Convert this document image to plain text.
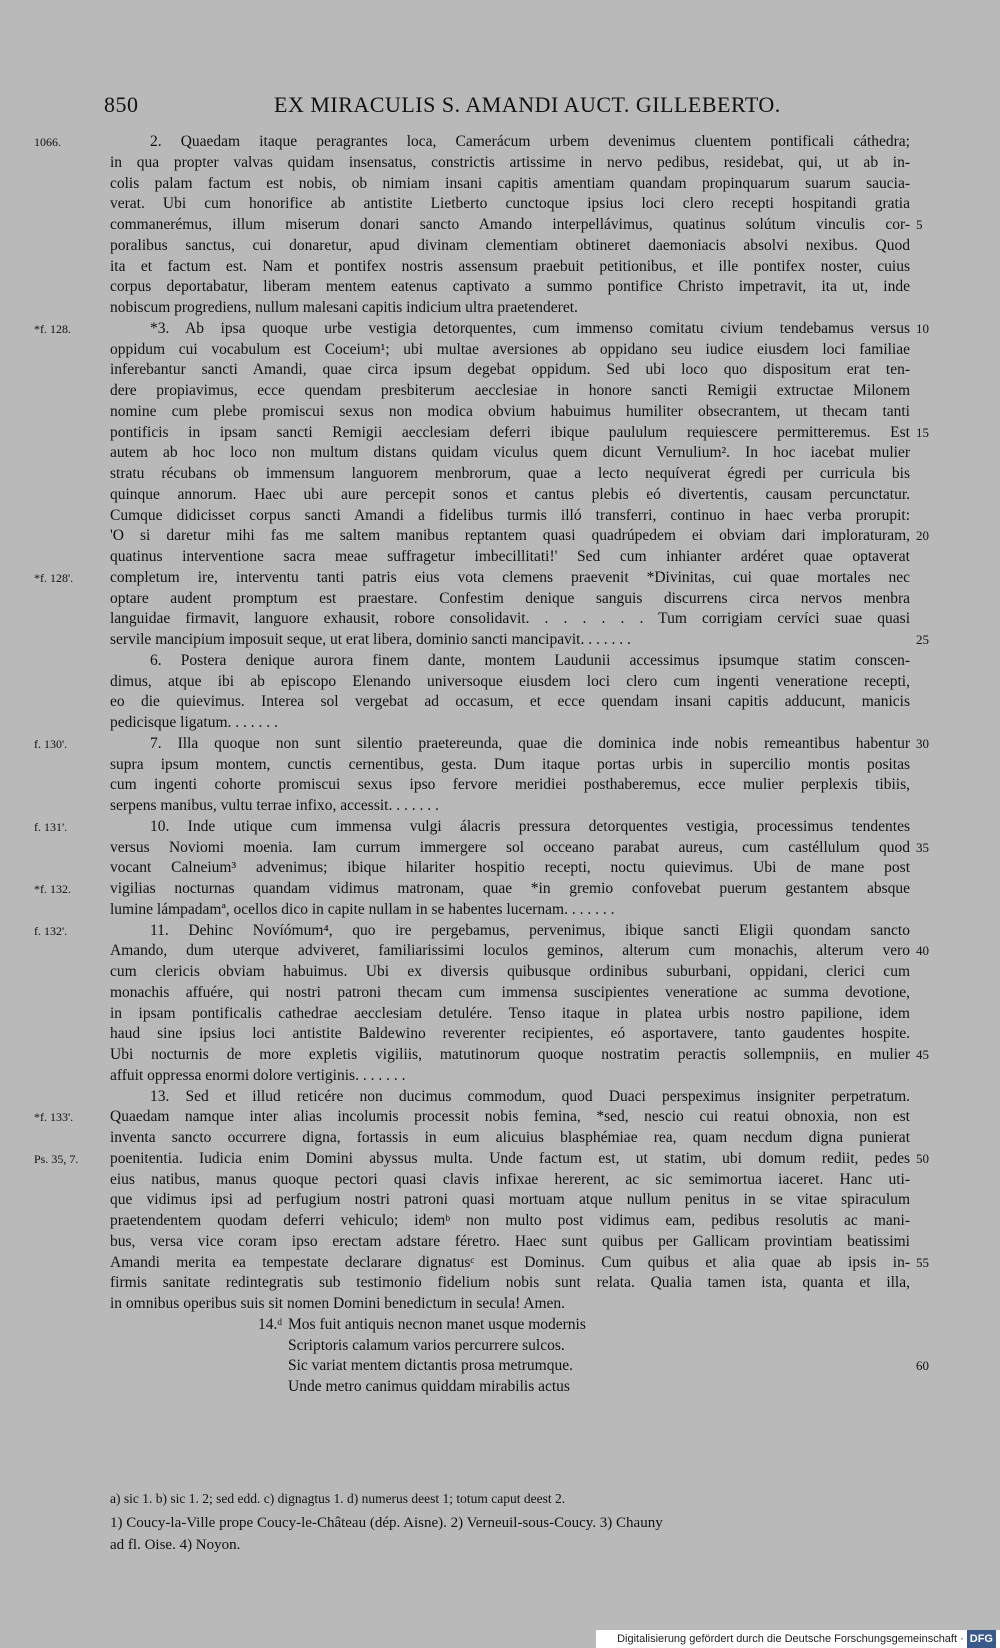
850	EX MIRACULIS S. AMANDI AUCT. GILLEBERTO.
1066.	2. Quaedam itaque peragrantes loca, Camerácum urbem devenimus cluentem pontificali cáthedra;
in qua propter valvas quidam insensatus, constrictis artissime in nervo pedibus, residebat, qui, ut ab in-
colis palam factum est nobis, ob nimiam insani capitis amentiam quandam propinquarum suarum saucia-
verat. Ubi cum honorifice ab antistite Lietberto cunctoque ipsius loci clero recepti hospitandi gratia
commanerémus, illum miserum donari sancto Amando interpellávimus, quatinus solútum vinculis cor- 5
poralibus sanctus, cui donaretur, apud divinam clementiam obtineret daemoniacis absolvi nexibus. Quod
ita et factum est. Nam et pontifex nostris assensum praebuit petitionibus, et ille pontifex noster, cuius
corpus deportabatur, liberam mentem eatenus captivato a summo pontifice Christo impetravit, ita ut, inde
nobiscum progrediens, nullum malesani capitis indicium ultra praetenderet.
*f. 128.	*3. Ab ipsa quoque urbe vestigia detorquentes, cum immenso comitatu civium tendebamus versus 10
oppidum cui vocabulum est Coceium¹; ubi multae aversiones ab oppidano seu iudice eiusdem loci familiae
inferebantur sancti Amandi, quae circa ipsum degebat oppidum. Sed ubi loco quo dispositum erat ten-
dere propiavimus, ecce quendam presbiterum aecclesiae in honore sancti Remigii extructae Milonem
nomine cum plebe promiscui sexus non modica obvium habuimus humiliter obsecrantem, ut thecam tanti
pontificis in ipsam sancti Remigii aecclesiam deferri ibique paululum requiescere permitteremus. Est 15
autem ab hoc loco non multum distans quidam viculus quem dicunt Vernulium². In hoc iacebat mulier
stratu récubans ob immensum languorem menbrorum, quae a lecto nequíverat égredi per curricula bis
quinque annorum. Haec ubi aure percepit sonos et cantus plebis eó divertentis, causam percunctatur.
Cumque didicisset corpus sancti Amandi a fidelibus turmis illó transferri, continuo in haec verba prorupit:
'O si daretur mihi fas me saltem manibus reptantem quasi quadrúpedem ei obviam dari imploraturam, 20
quatinus interventione sacra meae suffragetur imbecillitati!' Sed cum inhianter ardéret quae optaverat
*f. 128'. completum ire, interventu tanti patris eius vota clemens praevenit *Divinitas, cui quae mortales nec
optare audent promptum est praestare. Confestim denique sanguis discurrens circa nervos menbra
languidae firmavit, languore exhausit, robore consolidavit. . . . . . . Tum corrigiam cervíci suae quasi
servile mancipium imposuit seque, ut erat libera, dominio sancti mancipavit. . . . . . .	25
6. Postera denique aurora finem dante, montem Laudunii accessimus ipsumque statim conscen-
dimus, atque ibi ab episcopo Elenando universoque eiusdem loci clero cum ingenti veneratione recepti,
eo die quievimus. Interea sol vergebat ad occasum, et ecce quendam insani capitis adducunt, manicis
pedicisque ligatum. . . . . . .
f. 130'.	7. Illa quoque non sunt silentio praetereunda, quae die dominica inde nobis remeantibus habentur 30
supra ipsum montem, cunctis cernentibus, gesta. Dum itaque portas urbis in supercilio montis positas
cum ingenti cohorte promiscui sexus ipso fervore meridiei posthaberemus, ecce mulier perplexis tibiis,
serpens manibus, vultu terrae infixo, accessit. . . . . . .
f. 131'.	10. Inde utique cum immensa vulgi álacris pressura detorquentes vestigia, processimus tendentes
versus Noviomi moenia. Iam currum immergere sol occeano parabat aureus, cum castéllulum quod 35
vocant Calneium³ advenimus; ibique hilariter hospitio recepti, noctu quievimus. Ubi de mane post
*f. 132.	vigilias nocturnas quandam vidimus matronam, quae *in gremio confovebat puerum gestantem absque
lumine lámpadamª, ocellos dico in capite nullam in se habentes lucernam. . . . . . .
f. 132'.	11. Dehinc Novíómum⁴, quo ire pergebamus, pervenimus, ibique sancti Eligii quondam sancto
Amando, dum uterque adviveret, familiarissimi loculos geminos, alterum cum monachis, alterum vero 40
cum clericis obviam habuimus. Ubi ex diversis quibusque ordinibus suburbani, oppidani, clerici cum
monachis affuére, qui nostri patroni thecam cum immensa suscipientes veneratione ac summa devotione,
in ipsam pontificalis cathedrae aecclesiam detulére. Tenso itaque in platea urbis nostro papilione, idem
haud sine ipsius loci antistite Baldewino reverenter recipientes, eó asportavere, tanto gaudentes hospite.
Ubi nocturnis de more expletis vigiliis, matutinorum quoque nostratim peractis sollempniis, en mulier 45
affuit oppressa enormi dolore vertiginis. . . . . . .
13. Sed et illud reticére non ducimus commodum, quod Duaci perspeximus insigniter perpetratum.
*f. 133'. Quaedam namque inter alias incolumis processit nobis femina, *sed, nescio cui reatui obnoxia, non est
inventa sancto occurrere digna, fortassis in eum alicuius blasphémiae rea, quam necdum digna punierat
Ps. 35, 7. poenitentia. Iudicia enim Domini abyssus multa. Unde factum est, ut statim, ubi domum rediit, pedes 50
eius natibus, manus quoque pectori quasi clavis infixae hererent, ac sic semimortua iaceret. Hanc uti-
que vidimus ipsi ad perfugium nostri patroni quasi mortuam atque nullum penitus in se vitae spiraculum
praetendentem quodam deferri vehiculo; idemᵇ non multo post vidimus eam, pedibus resolutis ac mani-
bus, versa vice coram ipso erectam adstare féretro. Haec sunt quibus per Gallicam provintiam beatissimi
Amandi merita ea tempestate declarare dignatusᶜ est Dominus. Cum quibus et alia quae ab ipsis in- 55
firmis sanitate redintegratis sub testimonio fidelium nobis sunt relata. Qualia tamen ista, quanta et illa,
in omnibus operibus suis sit nomen Domini benedictum in secula! Amen.
14.ᵈ Mos fuit antiquis necnon manet usque modernis
Scriptoris calamum varios percurrere sulcos.
Sic variat mentem dictantis prosa metrumque.	60
Unde metro canimus quiddam mirabilis actus
a) sic 1. b) sic 1. 2; sed edd. c) dignagtus 1. d) numerus deest 1; totum caput deest 2.
1) Coucy-la-Ville prope Coucy-le-Château (dép. Aisne). 2) Verneuil-sous-Coucy. 3) Chauny
ad fl. Oise. 4) Noyon.
Digitalisierung gefördert durch die Deutsche Forschungsgemeinschaft · DFG
